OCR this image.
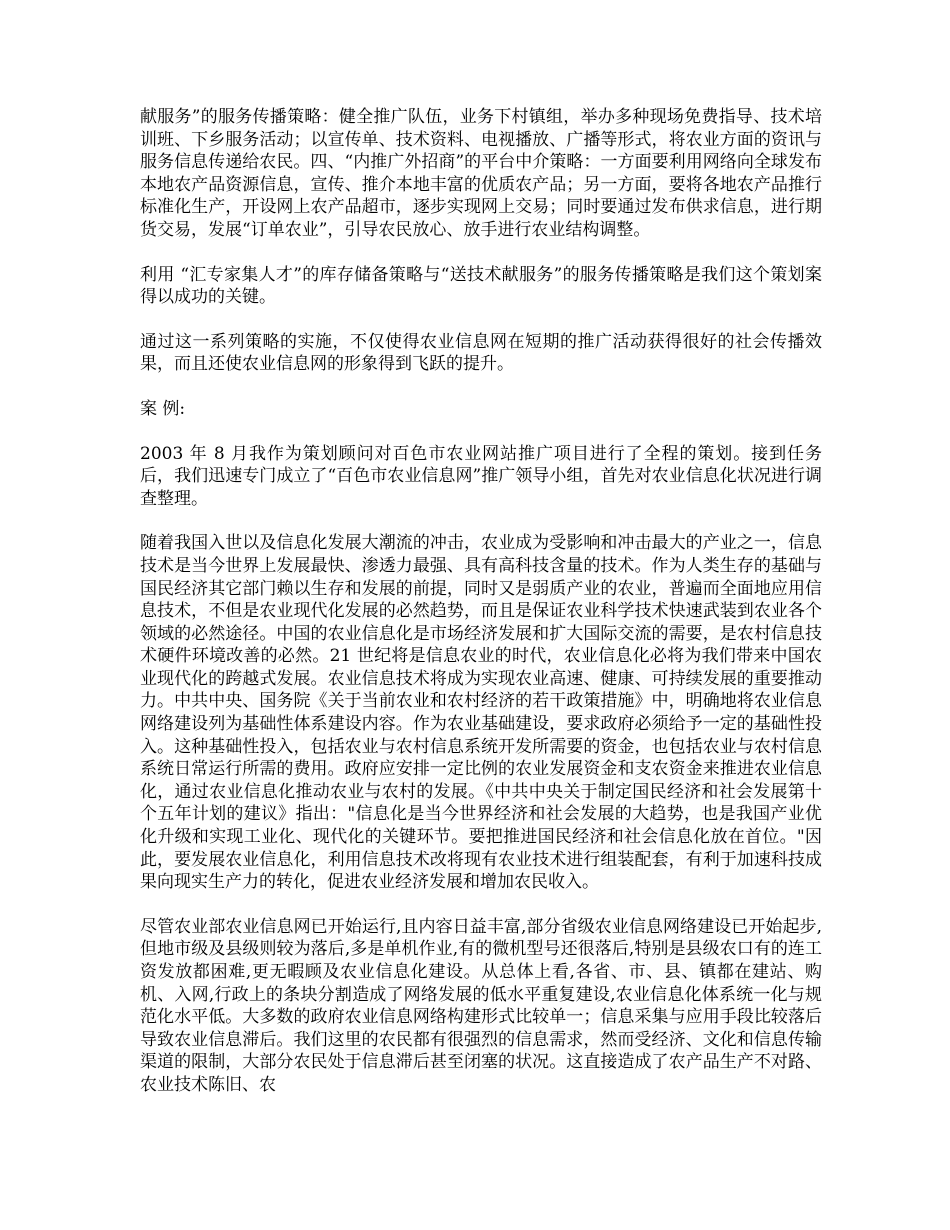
献服务”的服务传播策略：健全推广队伍，业务下村镇组，举办多种现场免费指导、技术培训班、下乡服务活动；以宣传单、技术资料、电视播放、广播等形式，将农业方面的资讯与服务信息传递给农民。四、“内推广外招商”的平台中介策略：一方面要利用网络向全球发布本地农产品资源信息，宣传、推介本地丰富的优质农产品；另一方面，要将各地农产品推行标准化生产，开设网上农产品超市，逐步实现网上交易；同时要通过发布供求信息，进行期货交易，发展“订单农业”，引导农民放心、放手进行农业结构调整。

利用 “汇专家集人才”的库存储备策略与“送技术献服务”的服务传播策略是我们这个策划案得以成功的关键。

通过这一系列策略的实施，不仅使得农业信息网在短期的推广活动获得很好的社会传播效果，而且还使农业信息网的形象得到飞跃的提升。

案 例:

2003 年 8 月我作为策划顾问对百色市农业网站推广项目进行了全程的策划。接到任务后，我们迅速专门成立了“百色市农业信息网”推广领导小组，首先对农业信息化状况进行调查整理。

随着我国入世以及信息化发展大潮流的冲击，农业成为受影响和冲击最大的产业之一，信息技术是当今世界上发展最快、渗透力最强、具有高科技含量的技术。作为人类生存的基础与国民经济其它部门赖以生存和发展的前提，同时又是弱质产业的农业，普遍而全面地应用信息技术，不但是农业现代化发展的必然趋势，而且是保证农业科学技术快速武装到农业各个领域的必然途径。中国的农业信息化是市场经济发展和扩大国际交流的需要，是农村信息技术硬件环境改善的必然。21 世纪将是信息农业的时代，农业信息化必将为我们带来中国农业现代化的跨越式发展。农业信息技术将成为实现农业高速、健康、可持续发展的重要推动力。中共中央、国务院《关于当前农业和农村经济的若干政策措施》中，明确地将农业信息网络建设列为基础性体系建设内容。作为农业基础建设，要求政府必须给予一定的基础性投入。这种基础性投入，包括农业与农村信息系统开发所需要的资金，也包括农业与农村信息系统日常运行所需的费用。政府应安排一定比例的农业发展资金和支农资金来推进农业信息化，通过农业信息化推动农业与农村的发展。《中共中央关于制定国民经济和社会发展第十个五年计划的建议》指出："信息化是当今世界经济和社会发展的大趋势，也是我国产业优化升级和实现工业化、现代化的关键环节。要把推进国民经济和社会信息化放在首位。"因此，要发展农业信息化，利用信息技术改将现有农业技术进行组装配套，有利于加速科技成果向现实生产力的转化，促进农业经济发展和增加农民收入。

尽管农业部农业信息网已开始运行,且内容日益丰富,部分省级农业信息网络建设已开始起步,但地市级及县级则较为落后,多是单机作业,有的微机型号还很落后,特别是县级农口有的连工资发放都困难,更无暇顾及农业信息化建设。从总体上看,各省、市、县、镇都在建站、购机、入网,行政上的条块分割造成了网络发展的低水平重复建设,农业信息化体系统一化与规范化水平低。大多数的政府农业信息网络构建形式比较单一；信息采集与应用手段比较落后导致农业信息滞后。我们这里的农民都有很强烈的信息需求，然而受经济、文化和信息传输渠道的限制，大部分农民处于信息滞后甚至闭塞的状况。这直接造成了农产品生产不对路、农业技术陈旧、农
